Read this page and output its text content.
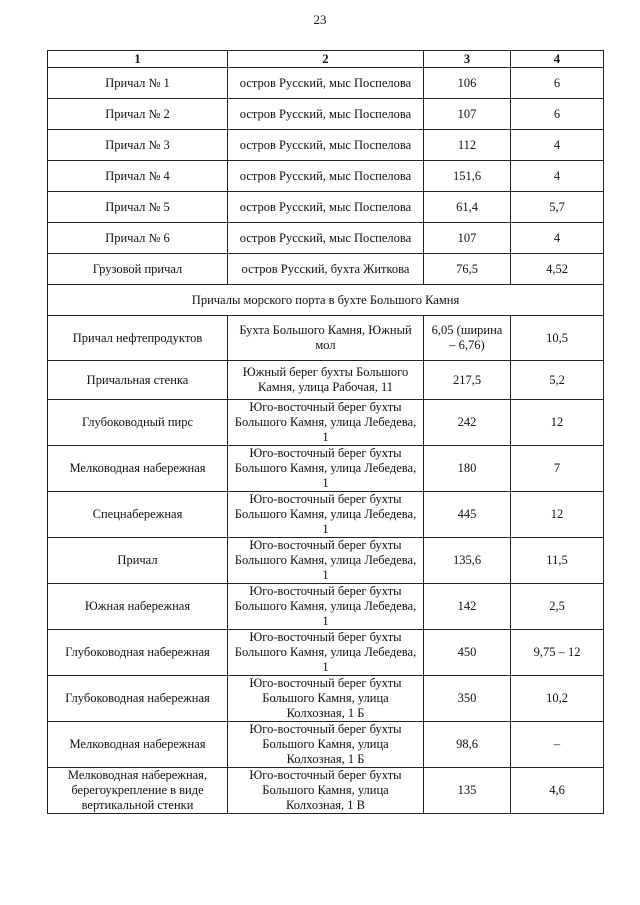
23
1	2	3	4
Причал № 1	остров Русский, мыс Поспелова	106	6
Причал № 2	остров Русский, мыс Поспелова	107	6
Причал № 3	остров Русский, мыс Поспелова	112	4
Причал № 4	остров Русский, мыс Поспелова	151,6	4
Причал № 5	остров Русский, мыс Поспелова	61,4	5,7
Причал № 6	остров Русский, мыс Поспелова	107	4
Грузовой причал	остров Русский, бухта Житкова	76,5	4,52
Причалы морского порта в бухте Большого Камня			
Причал нефтепродуктов	Бухта Большого Камня, Южный мол	6,05 (ширина – 6,76)	10,5
Причальная стенка	Южный берег бухты Большого Камня, улица Рабочая, 11	217,5	5,2
Глубоководный пирс	Юго-восточный берег бухты Большого Камня, улица Лебедева, 1	242	12
Мелководная набережная	Юго-восточный берег бухты Большого Камня, улица Лебедева, 1	180	7
Спецнабережная	Юго-восточный берег бухты Большого Камня, улица Лебедева, 1	445	12
Причал	Юго-восточный берег бухты Большого Камня, улица Лебедева, 1	135,6	11,5
Южная набережная	Юго-восточный берег бухты Большого Камня, улица Лебедева, 1	142	2,5
Глубоководная набережная	Юго-восточный берег бухты Большого Камня, улица Лебедева, 1	450	9,75 – 12
Глубоководная набережная	Юго-восточный берег бухты Большого Камня, улица Колхозная, 1 Б	350	10,2
Мелководная набережная	Юго-восточный берег бухты Большого Камня, улица Колхозная, 1 Б	98,6	–
Мелководная набережная, берегоукрепление в виде вертикальной стенки	Юго-восточный берег бухты Большого Камня, улица Колхозная, 1 В	135	4,6
